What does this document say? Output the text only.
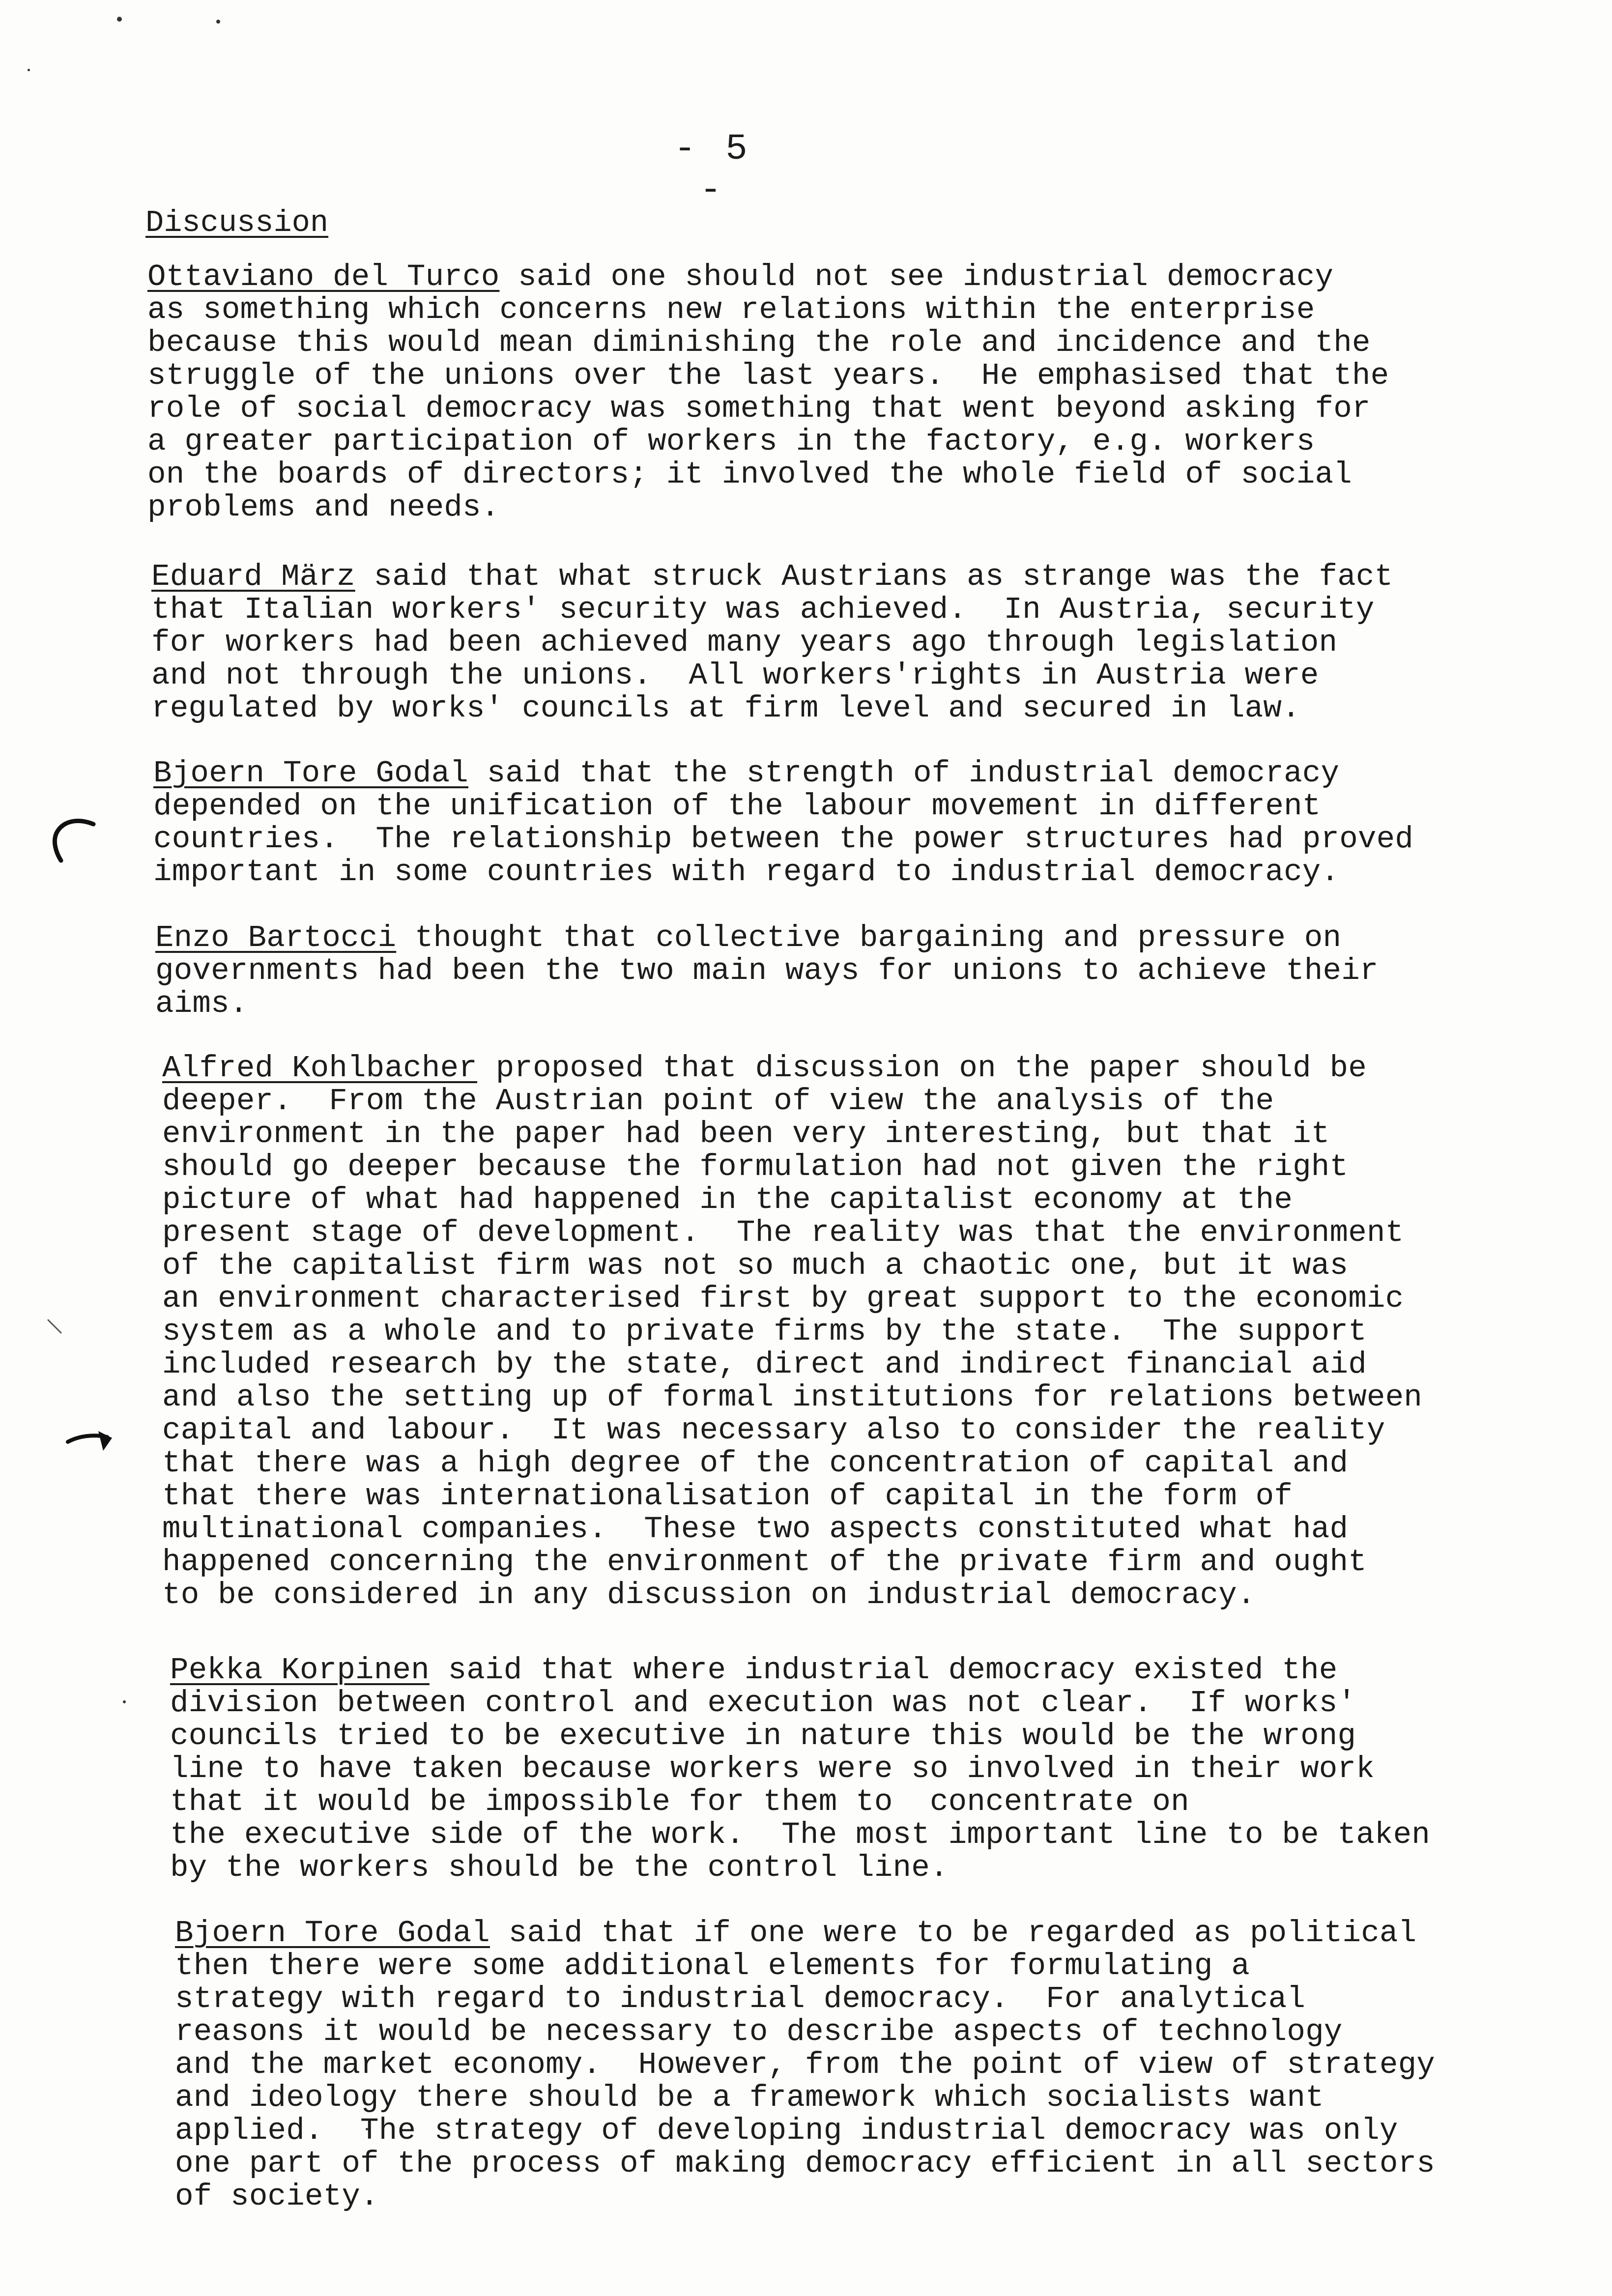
- 5 -
Discussion

Ottaviano del Turco said one should not see industrial democracy
as something which concerns new relations within the enterprise
because this would mean diminishing the role and incidence and the
struggle of the unions over the last years.  He emphasised that the
role of social democracy was something that went beyond asking for
a greater participation of workers in the factory, e.g. workers
on the boards of directors; it involved the whole field of social
problems and needs.

Eduard März said that what struck Austrians as strange was the fact
that Italian workers' security was achieved.  In Austria, security
for workers had been achieved many years ago through legislation
and not through the unions.  All workers'rights in Austria were
regulated by works' councils at firm level and secured in law.

Bjoern Tore Godal said that the strength of industrial democracy
depended on the unification of the labour movement in different
countries.  The relationship between the power structures had proved
important in some countries with regard to industrial democracy.

Enzo Bartocci thought that collective bargaining and pressure on
governments had been the two main ways for unions to achieve their
aims.

Alfred Kohlbacher proposed that discussion on the paper should be
deeper.  From the Austrian point of view the analysis of the
environment in the paper had been very interesting, but that it
should go deeper because the formulation had not given the right
picture of what had happened in the capitalist economy at the
present stage of development.  The reality was that the environment
of the capitalist firm was not so much a chaotic one, but it was
an environment characterised first by great support to the economic
system as a whole and to private firms by the state.  The support
included research by the state, direct and indirect financial aid
and also the setting up of formal institutions for relations between
capital and labour.  It was necessary also to consider the reality
that there was a high degree of the concentration of capital and
that there was internationalisation of capital in the form of
multinational companies.  These two aspects constituted what had
happened concerning the environment of the private firm and ought
to be considered in any discussion on industrial democracy.

Pekka Korpinen said that where industrial democracy existed the
division between control and execution was not clear.  If works'
councils tried to be executive in nature this would be the wrong
line to have taken because workers were so involved in their work
that it would be impossible for them to  concentrate on
the executive side of the work.  The most important line to be taken
by the workers should be the control line.

Bjoern Tore Godal said that if one were to be regarded as political
then there were some additional elements for formulating a
strategy with regard to industrial democracy.  For analytical
reasons it would be necessary to describe aspects of technology
and the market economy.  However, from the point of view of strategy
and ideology there should be a framework which socialists want
applied.  The strategy of developing industrial democracy was only
one part of the process of making democracy efficient in all sectors
of society.
